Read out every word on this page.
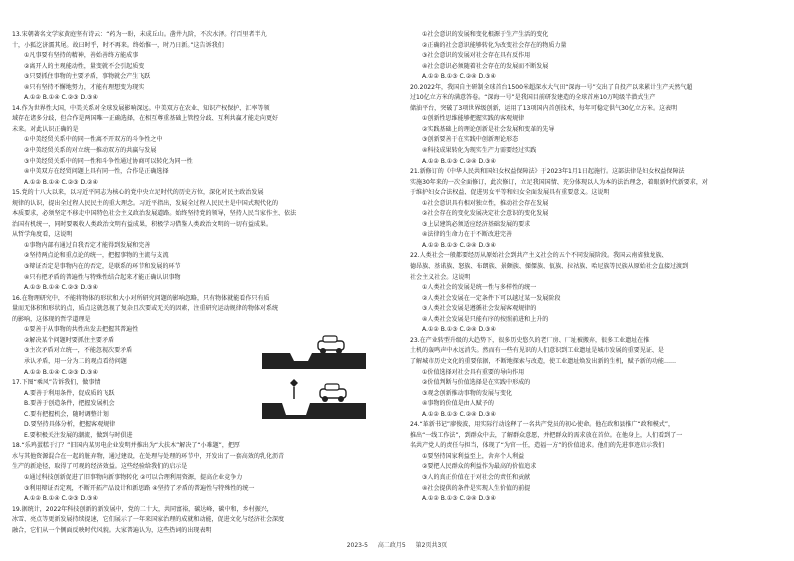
13.宋朝著名文学家黄庭坚有诗云：“药为一盼，未成丘山。凿井九阶，不次水泽。行百里者半九
十，小狐汔济濡其尾。故曰时乎，时不再来。终始惟一，时乃日新。”这告诉我们
①凡事要有坚持的精神，善始善终方能成事
②离开人的主观能动性，量变就不会引起质变
③只要抓住事物的主要矛盾，事物就会产生飞跃
④只有坚持不懈地努力，才能有理想变为现实
A.①② B.①④ C.②③ D.③④
14.作为世界性大国，中美关系对全球发展影响深远。中美双方在农业、知识产权保护、汇率等领
域存在诸多分歧，但合作是两国唯一正确选择，在相互尊重基础上管控分歧、互利共赢才能走向更好
未来。对此认识正确的是
①中美经贸关系中的同一性离不开双方的斗争性之中
②中美经贸关系的对立统一推动双方的共赢与发展
③中美经贸关系中的同一性和斗争性通过协商可以转化为同一性
④中美双方在经贸问题上具有同一性，合作是正确选择
A.①② B.①④ C.②③ D.②④
15.党的十八大以来，以习近平同志为核心的党中央立足时代的历史方位，深化对民主政治发展
规律的认识，提出全过程人民民主的重大理念。习近平指出，发展全过程人民民主是中国式现代化的
本质要求，必须坚定不移走中国特色社会主义政治发展道路。始终坚持党的领导，坚持人民当家作主、依法
治国有机统一，同时要吸收人类政治文明有益成果，积极学习借鉴人类政治文明的一切有益成果。
从哲学角度看，这说明
①事物内部有通过自我否定才能得到发展和完善
②坚持两点论和重点论的统一，把握事物的主流与支流
③辩证否定是事物内在的否定，是联系的环节和发展的环节
④只有把矛盾的普遍性与特殊性结合起来才能正确认识事物
A.①③ B.①④ C.②③ D.③④
16.在物理研究中，不能将物体的形状和大小对所研究问题的影响忽略，只有物体就能看作只有质
量而无体积和形状的点，质点这就忽视了复杂且次要或无关的因素，注重研究运动规律的物体对系统
的影响，这体现的哲学道理是
①要善于从事物的共性出发去把握其普遍性
②解决某个问题时要抓住主要矛盾
③主次矛盾对立统一，不能忽视次要矛盾
承认矛盾，用一分为二的观点看待问题
A.①② B.①④ C.②③ D.③④
17.下图“乘风”告诉我们，做事情
A.要善于利用条件，促成质的飞跃
B.要善于创造条件，把握发展机会
C.要有把握机会，随时调整计划
D.要坚持具体分析，把握客观规律
E.要积极关注发展的潮流，做到与时俱进
18.“乐鸡蛋糕于汀？”旧国内某男电企业发明并推出为“大扶木”解决了“小难题”，把厚
水与其他资源混合在一起的脏弃物，通过建设，在处理与处理的环节中，开发出了一套高效的乳化沥青
生产的新途径，取得了可观的经济效益。这些经验给我们的启示是
①通过科技创新促进了旧事物向新事物转化 ②可以合理利用资源，提高企业竞争力
③利用辩证否定观，不断开拓产品设计和新思路 ④坚持了矛盾的普遍性与特殊性的统一
A.①② B.①④ C.②③ D.③④
19.据统计，2022年科技创新的新发展中，党的二十大，共同富裕，碳达峰，碳中和，乡村振兴，
冰雪、亮点等更新发展持续提速，它们展示了一年来国家治理的成就和动能，促进文化与经济社会深度
融合，它们从一个侧面反映时代风貌。大家普遍认为，这些热词的出现表明
①社会意识的发展和变化根源于生产生活的变化
②正确的社会意识能够转化为改变社会存在的物质力量
③社会意识的发展对社会存在具有反作用
④社会意识必须随着社会存在的发展而不断发展
A.①② B.①③ C.②④ D.③④
20.2022年，我国自主研制全球首台1500米超深水大气田“深海一号”交出了自投产以来累计生产天然气超
过10亿立方米的满意答卷。“深海一号”是我国目前研发建造的全球首座10万吨级半潜式生产
储油平台，突破了3项世界级创新，运用了13项国内首创技术，每年可稳定供气30亿立方米。这表明
①创新性思维能够把握实践的客观规律
②实践基础上的理论创新是社会发展和变革的先导
③创新要善于在实践中创新理论形态
④科技成果转化为现实生产力需要经过实践
A.①② B.①③ C.②④ D.③④
21.新修订的《中华人民共和国妇女权益保障法》于2023年1月1日起施行。这部法律是妇女权益保障法
实施30年来的一次全面修订，此次修订，立足我国国情、充分体现以人为本的法治理念，着眼新时代新要求，对
于维护妇女合法权益、促进男女平等和妇女全面发展具有重要意义。这说明
①社会意识具有相对独立性，推动社会存在发展
②社会存在的变化发展决定社会意识的变化发展
③上层建筑必须适应经济基础发展的要求
④法律的生命力在于不断改进完善
A.①② B.①③ C.②④ D.③④
22.人类社会一般都要经历从原始社会到共产主义社会的五个不同发展阶段。我国云南省独龙族、
德昂族、基诺族、怒族、布朗族、景颇族、傈僳族、佤族、拉祜族、哈尼族等民族从原始社会直接过渡到
社会主义社会。这说明
①人类社会的发展是统一性与多样性的统一
②人类社会发展在一定条件下可以越过某一发展阶段
③人类社会发展是遵循社会发展客观规律的
④人类社会发展是只能有序的按照前进和上升的
A.①② B.①③ C.②④ D.③④
23.在产业转型升级的大趋势下，很多历史悠久的老厂房、厂址被搬弃，很多工业遗址在推
土机的轰鸣声中永远消失。然而有一些有见识的人们意识到工业遗址是城市发展的重要见证、是
了解城市历史文化的重要依据，不断地探索与改造，使工业遗址焕发出新的生机，赋予新的功能……
①价值选择对社会具有重要的导向作用
②价值判断与价值选择是在实践中形成的
③观念创新推动事物的发展与变化
④事物的价值是由人赋予的
A.①② B.①③ C.②④ D.③④
24.“革新书记”廖俊波，用实际行动诠释了一名共产党员的初心使命。他在政和县推广“政和模式”，
推出“一线工作法”，到群众中去，了解群众意愿，并把群众的需求放在首位。在他身上，人们看到了一
名共产党人的责任与担当，体现了“为官一任，造福一方”的价值追求。他们的先进事迹启示我们
①要坚持国家利益至上，舍弃个人利益
②要把人民群众的利益作为最高的价值追求
③人的真正价值在于对社会的责任和贡献
④社会提供的条件是实现人生价值的前提
A.①② B.①③ C.②④ D.③④
2023-5 高二政月5 第2页共3页
